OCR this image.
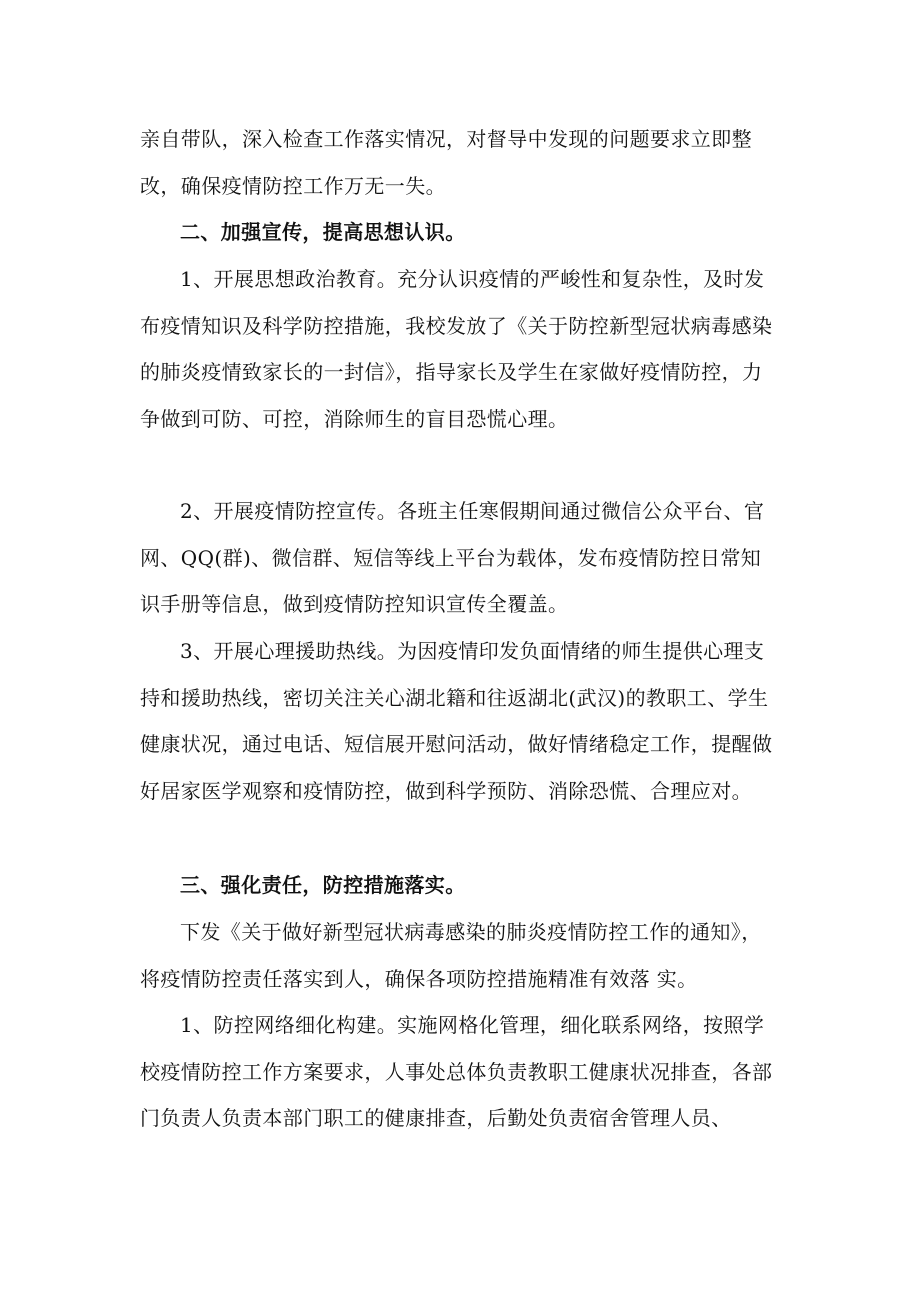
亲自带队，深入检查工作落实情况，对督导中发现的问题要求立即整改，确保疫情防控工作万无一失。

二、加强宣传，提高思想认识。

1、开展思想政治教育。充分认识疫情的严峻性和复杂性，及时发布疫情知识及科学防控措施，我校发放了《关于防控新型冠状病毒感染的肺炎疫情致家长的一封信》，指导家长及学生在家做好疫情防控，力争做到可防、可控，消除师生的盲目恐慌心理。

2、开展疫情防控宣传。各班主任寒假期间通过微信公众平台、官网、QQ(群)、微信群、短信等线上平台为载体，发布疫情防控日常知识手册等信息，做到疫情防控知识宣传全覆盖。

3、开展心理援助热线。为因疫情印发负面情绪的师生提供心理支持和援助热线，密切关注关心湖北籍和往返湖北(武汉)的教职工、学生健康状况，通过电话、短信展开慰问活动，做好情绪稳定工作，提醒做好居家医学观察和疫情防控，做到科学预防、消除恐慌、合理应对。

三、强化责任，防控措施落实。

下发《关于做好新型冠状病毒感染的肺炎疫情防控工作的通知》，将疫情防控责任落实到人，确保各项防控措施精准有效落 实。

1、防控网络细化构建。实施网格化管理，细化联系网络，按照学校疫情防控工作方案要求，人事处总体负责教职工健康状况排查，各部门负责人负责本部门职工的健康排查，后勤处负责宿舍管理人员、
